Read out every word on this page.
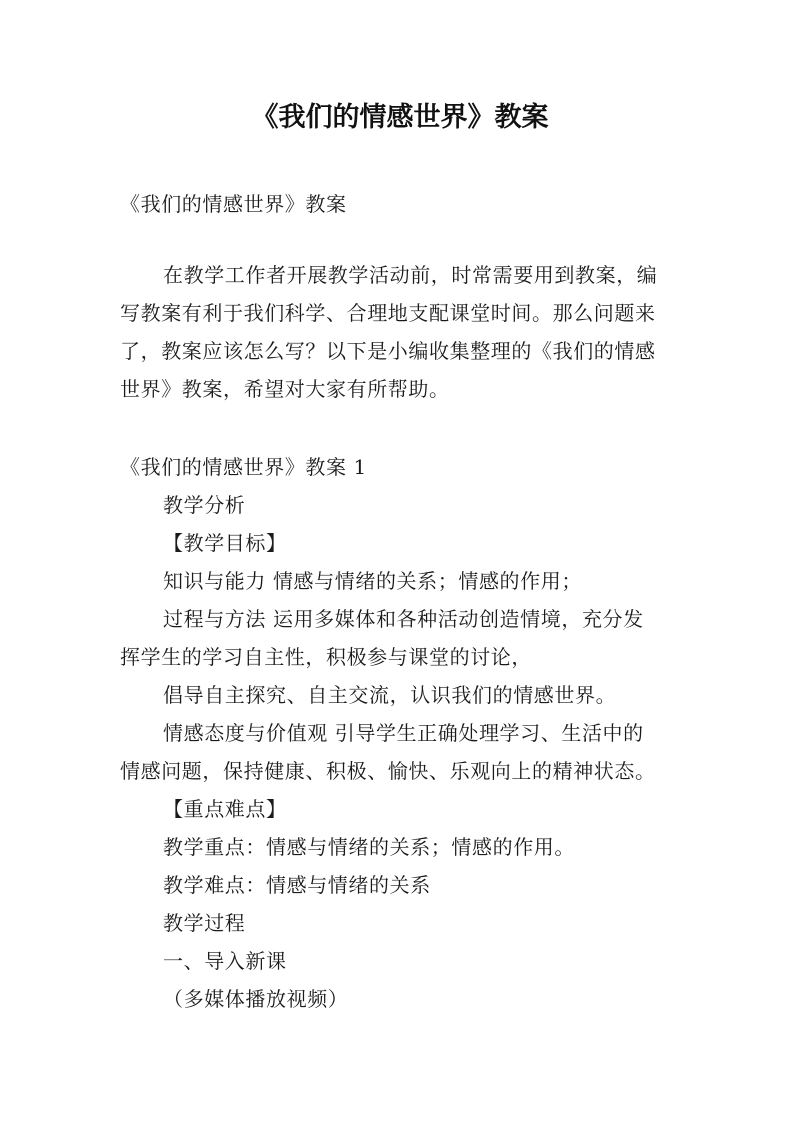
《我们的情感世界》教案

《我们的情感世界》教案

在教学工作者开展教学活动前，时常需要用到教案，编

写教案有利于我们科学、合理地支配课堂时间。那么问题来

了，教案应该怎么写？以下是小编收集整理的《我们的情感

世界》教案，希望对大家有所帮助。

《我们的情感世界》教案 1

教学分析

【教学目标】

知识与能力 情感与情绪的关系；情感的作用；

过程与方法 运用多媒体和各种活动创造情境，充分发

挥学生的学习自主性，积极参与课堂的讨论，

倡导自主探究、自主交流，认识我们的情感世界。

情感态度与价值观 引导学生正确处理学习、生活中的

情感问题，保持健康、积极、愉快、乐观向上的精神状态。

【重点难点】

教学重点：情感与情绪的关系；情感的作用。

教学难点：情感与情绪的关系

教学过程

一、导入新课

（多媒体播放视频）
